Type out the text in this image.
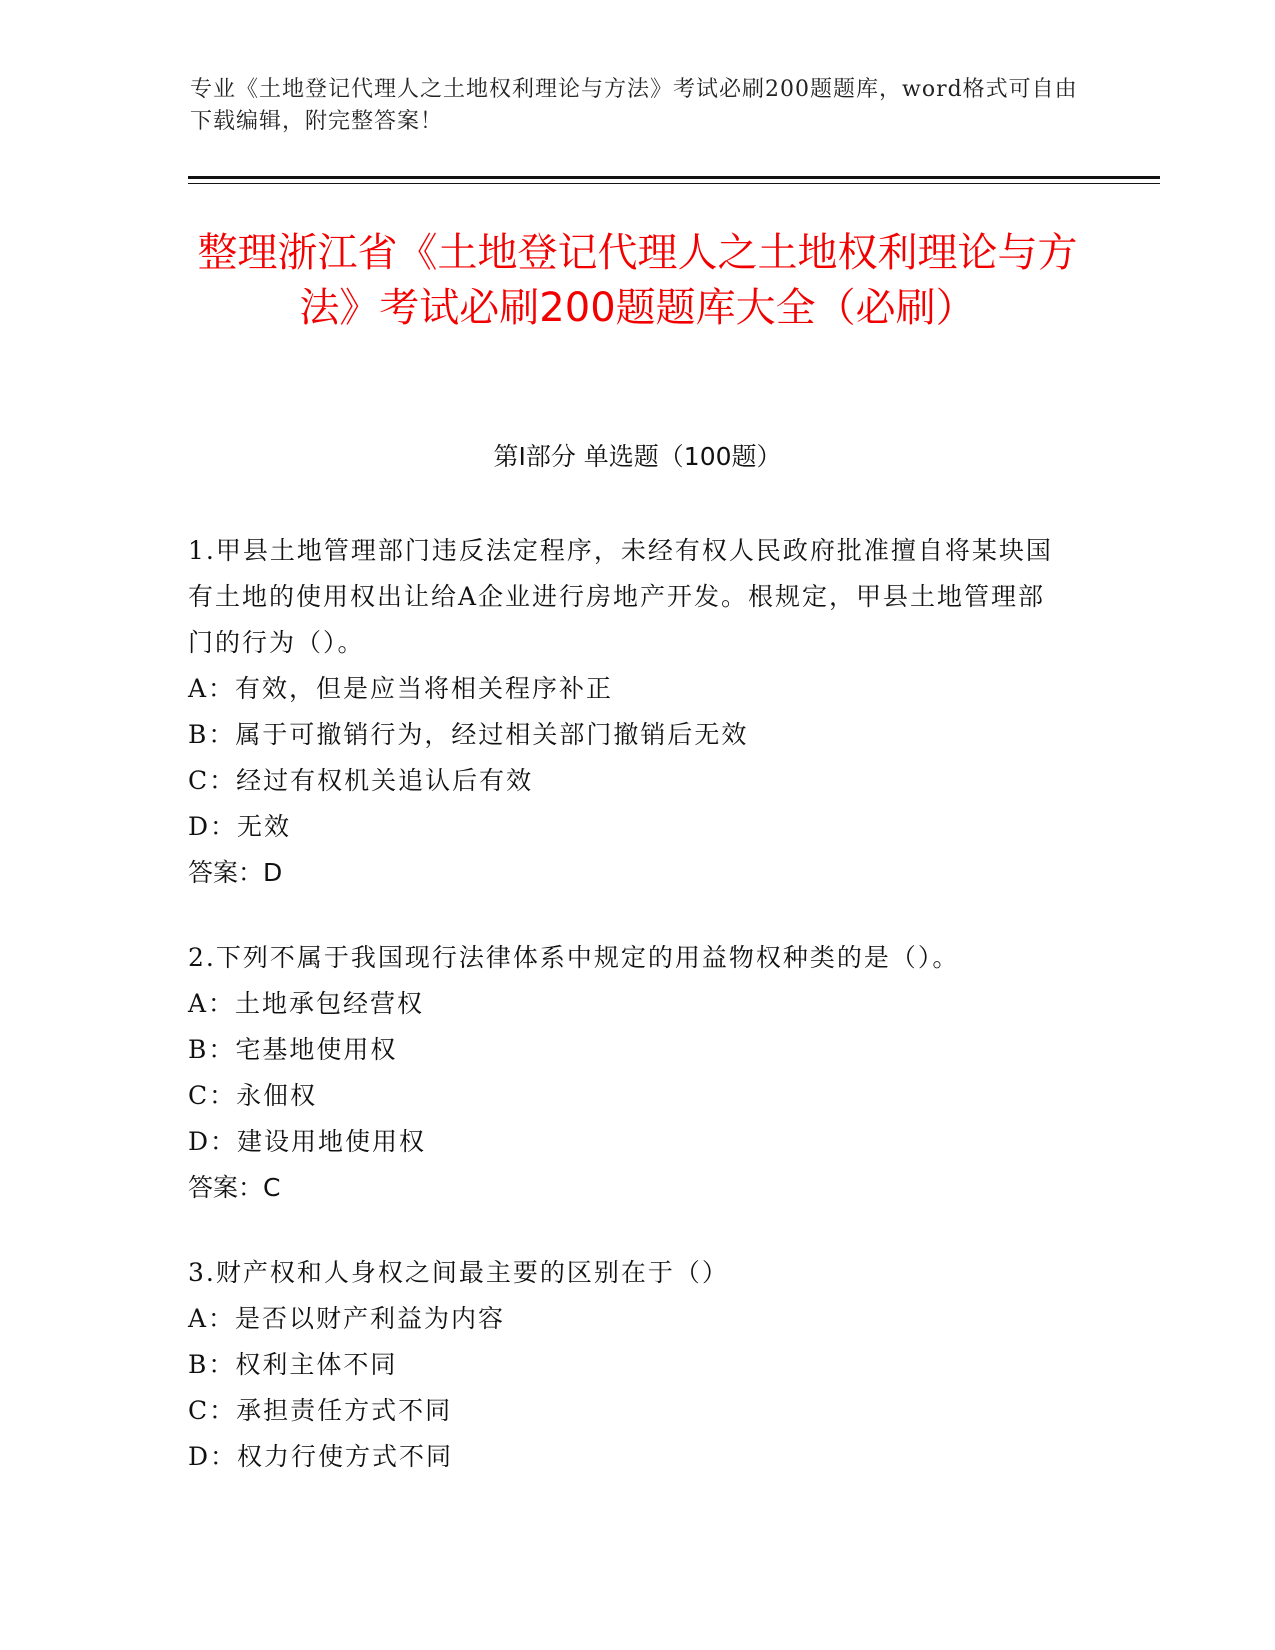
专业《土地登记代理人之土地权利理论与方法》考试必刷200题题库，word格式可自由下载编辑，附完整答案！
整理浙江省《土地登记代理人之土地权利理论与方法》考试必刷200题题库大全（必刷）
第I部分 单选题（100题）

1.甲县土地管理部门违反法定程序，未经有权人民政府批准擅自将某块国有土地的使用权出让给A企业进行房地产开发。根规定，甲县土地管理部门的行为（）。

A：有效，但是应当将相关程序补正

B：属于可撤销行为，经过相关部门撤销后无效

C：经过有权机关追认后有效

D：无效

答案：D

2.下列不属于我国现行法律体系中规定的用益物权种类的是（）。

A：土地承包经营权

B：宅基地使用权

C：永佃权

D：建设用地使用权

答案：C

3.财产权和人身权之间最主要的区别在于（）

A：是否以财产利益为内容

B：权利主体不同

C：承担责任方式不同

D：权力行使方式不同
